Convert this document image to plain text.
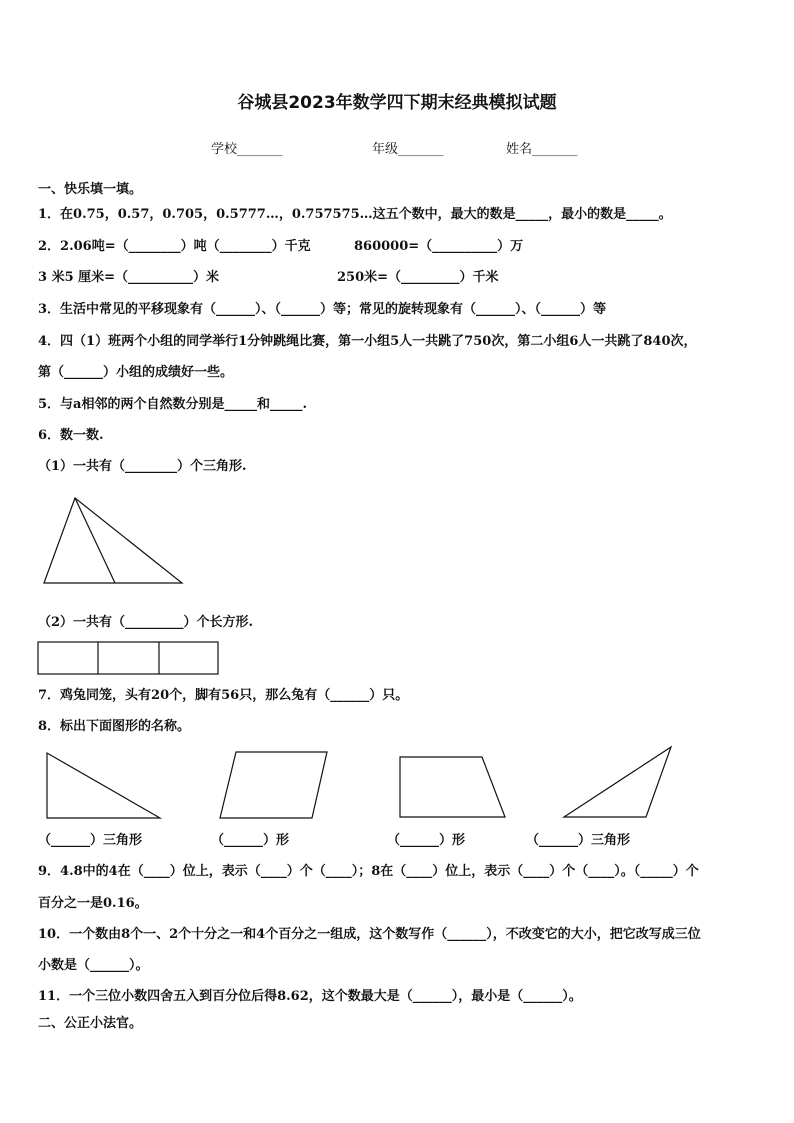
谷城县2023年数学四下期末经典模拟试题
学校_______	年级_______	姓名_______
一、快乐填一填。
1．在0.75，0.57，0.705，0.5777…，0.757575…这五个数中，最大的数是_____，最小的数是_____。
2．2.06吨=（________）吨（________）千克	860000=（__________）万
3 米5 厘米=（__________）米	250米=（_________）千米
3．生活中常见的平移现象有（______）、（______）等；常见的旋转现象有（______）、（______）等
4．四（1）班两个小组的同学举行1分钟跳绳比赛，第一小组5人一共跳了750次，第二小组6人一共跳了840次，
第（______）小组的成绩好一些。
5．与a相邻的两个自然数分别是_____和_____.
6．数一数.
（1）一共有（________）个三角形.
（2）一共有（_________）个长方形.
7．鸡兔同笼，头有20个，脚有56只，那么兔有（______）只。
8．标出下面图形的名称。
（______）三角形	（______）形	（______）形	（______）三角形
9．4.8中的4在（____）位上，表示（____）个（____）；8在（____）位上，表示（____）个（____）。（_____）个
百分之一是0.16。
10．一个数由8个一、2个十分之一和4个百分之一组成，这个数写作（______），不改变它的大小，把它改写成三位
小数是（______）。
11．一个三位小数四舍五入到百分位后得8.62，这个数最大是（______），最小是（______）。
二、公正小法官。
